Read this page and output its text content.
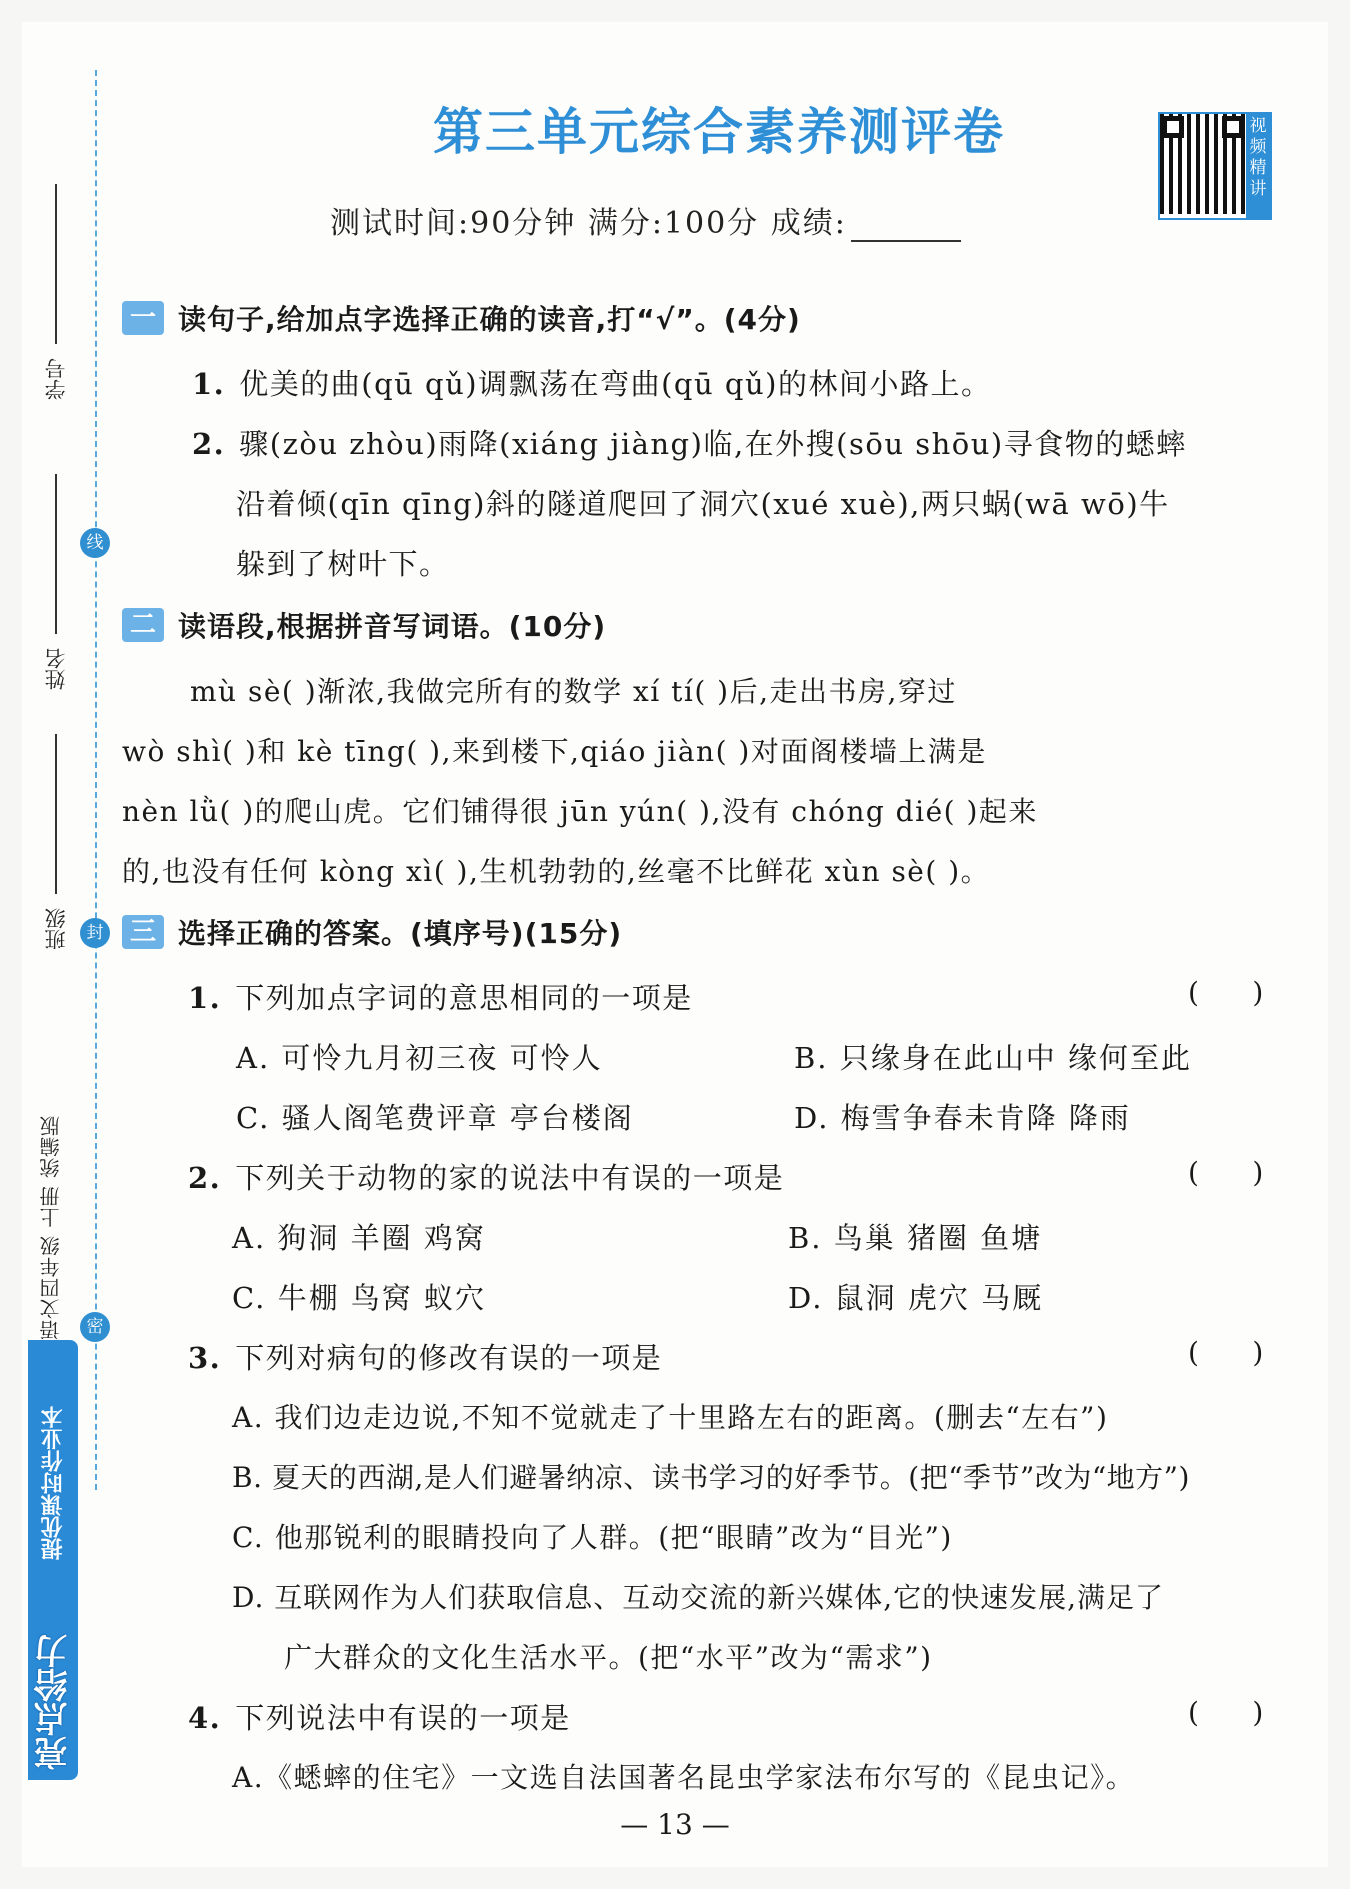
线
封
密
学号
姓名
班级
语文四年级 上册 统编版
提优课时作业本
亮点给力
第三单元综合素养测评卷	视频精讲
测试时间:90分钟 满分:100分 成绩:
一 读句子,给加点字选择正确的读音,打“√”。(4分)
1. 优美的曲(qū qǔ)调飘荡在弯曲(qū qǔ)的林间小路上。
2. 骤(zòu zhòu)雨降(xiáng jiàng)临,在外搜(sōu shōu)寻食物的蟋蟀
沿着倾(qīn qīng)斜的隧道爬回了洞穴(xué xuè),两只蜗(wā wō)牛
躲到了树叶下。
二 读语段,根据拼音写词语。(10分)
mù sè( )渐浓,我做完所有的数学 xí tí( )后,走出书房,穿过
wò shì( )和 kè tīng( ),来到楼下,qiáo jiàn( )对面阁楼墙上满是
nèn lǜ( )的爬山虎。它们铺得很 jūn yún( ),没有 chóng dié( )起来
的,也没有任何 kòng xì( ),生机勃勃的,丝毫不比鲜花 xùn sè( )。
三 选择正确的答案。(填序号)(15分)
1. 下列加点字词的意思相同的一项是	(      )
A. 可怜九月初三夜 可怜人	B. 只缘身在此山中 缘何至此
C. 骚人阁笔费评章 亭台楼阁	D. 梅雪争春未肯降 降雨
2. 下列关于动物的家的说法中有误的一项是	(      )
A. 狗洞 羊圈 鸡窝	B. 鸟巢 猪圈 鱼塘
C. 牛棚 鸟窝 蚁穴	D. 鼠洞 虎穴 马厩
3. 下列对病句的修改有误的一项是	(      )
A. 我们边走边说,不知不觉就走了十里路左右的距离。(删去“左右”)
B. 夏天的西湖,是人们避暑纳凉、读书学习的好季节。(把“季节”改为“地方”)
C. 他那锐利的眼睛投向了人群。(把“眼睛”改为“目光”)
D. 互联网作为人们获取信息、互动交流的新兴媒体,它的快速发展,满足了
广大群众的文化生活水平。(把“水平”改为“需求”)
4. 下列说法中有误的一项是	(      )
A.《蟋蟀的住宅》一文选自法国著名昆虫学家法布尔写的《昆虫记》。
— 13 —
